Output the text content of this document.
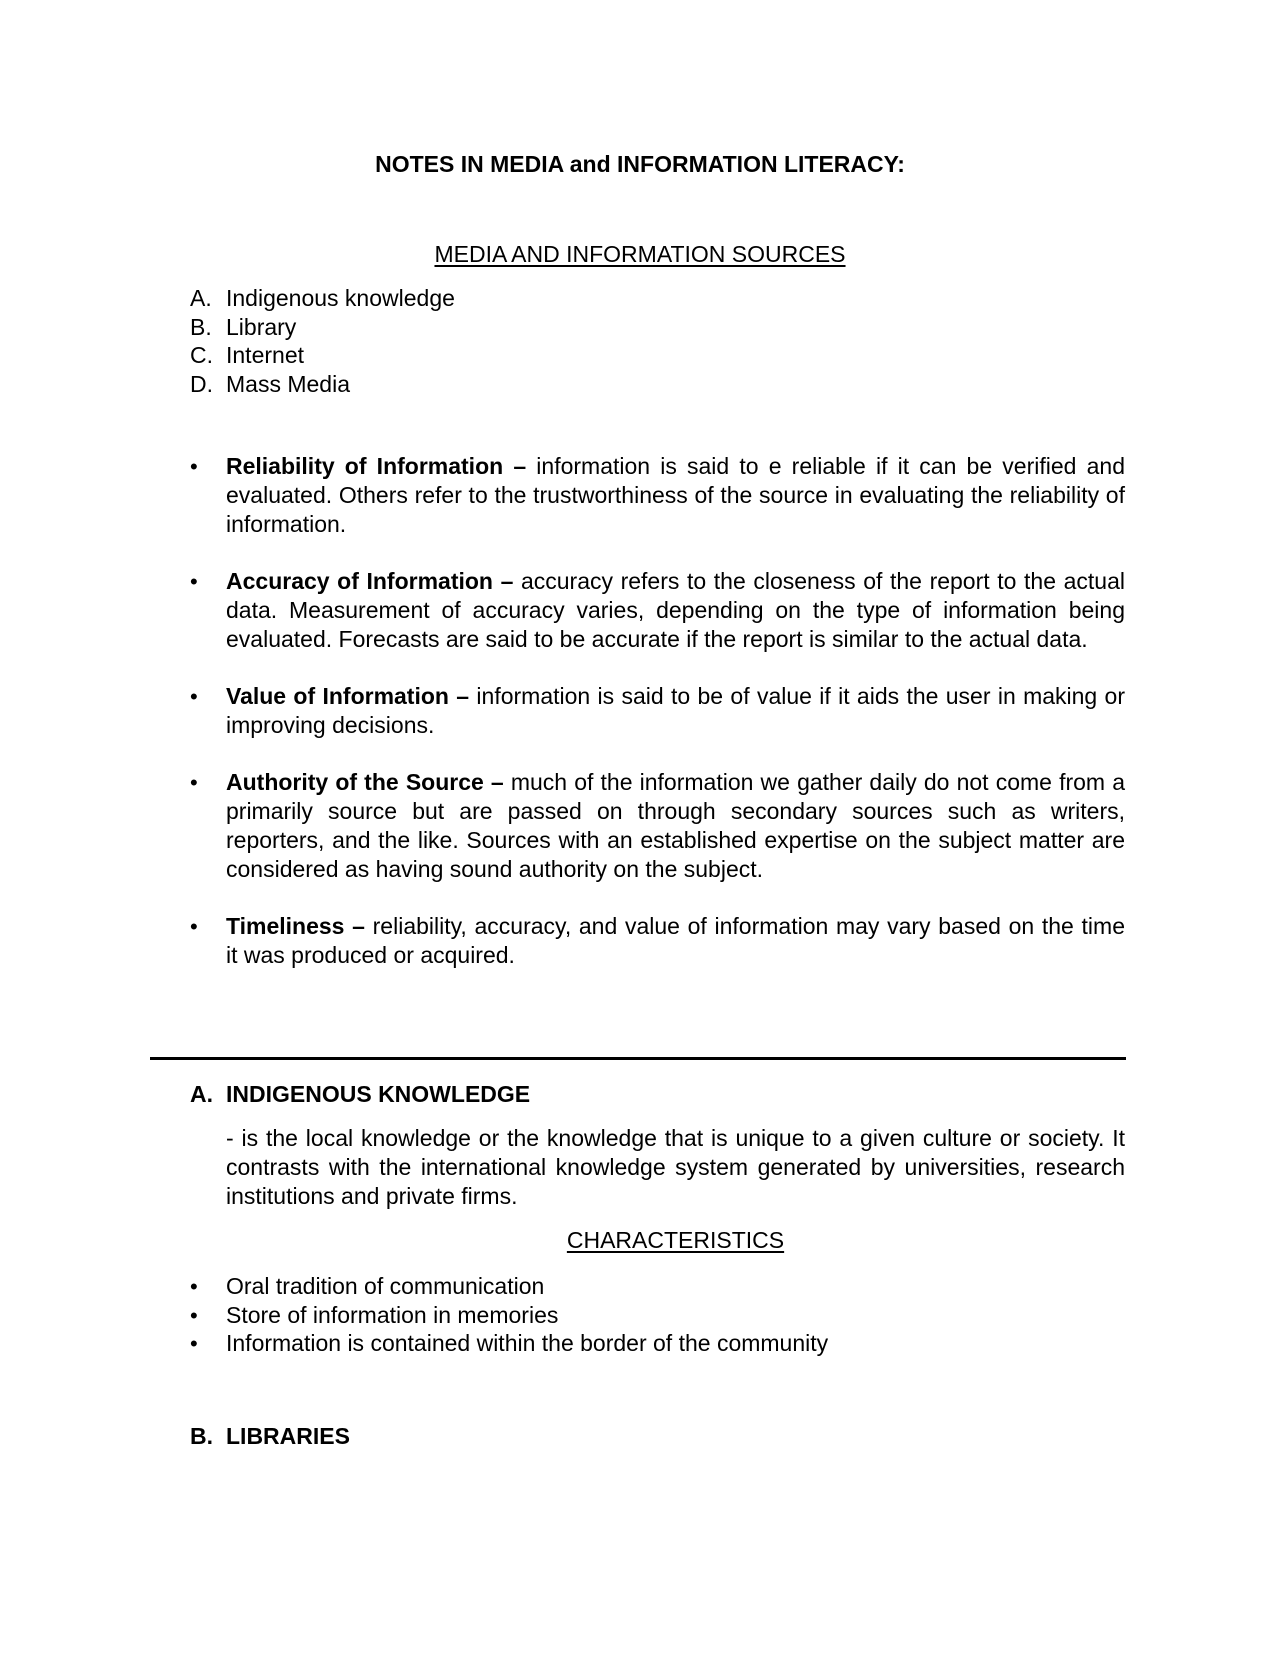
NOTES IN MEDIA and INFORMATION LITERACY:
MEDIA AND INFORMATION SOURCES
A. Indigenous knowledge
B. Library
C. Internet
D. Mass Media
• Reliability of Information – information is said to e reliable if it can be verified and evaluated. Others refer to the trustworthiness of the source in evaluating the reliability of information.
• Accuracy of Information – accuracy refers to the closeness of the report to the actual data. Measurement of accuracy varies, depending on the type of information being evaluated. Forecasts are said to be accurate if the report is similar to the actual data.
• Value of Information – information is said to be of value if it aids the user in making or improving decisions.
• Authority of the Source – much of the information we gather daily do not come from a primarily source but are passed on through secondary sources such as writers, reporters, and the like. Sources with an established expertise on the subject matter are considered as having sound authority on the subject.
• Timeliness – reliability, accuracy, and value of information may vary based on the time it was produced or acquired.
A. INDIGENOUS KNOWLEDGE
- is the local knowledge or the knowledge that is unique to a given culture or society. It contrasts with the international knowledge system generated by universities, research institutions and private firms.
CHARACTERISTICS
• Oral tradition of communication
• Store of information in memories
• Information is contained within the border of the community
B. LIBRARIES
